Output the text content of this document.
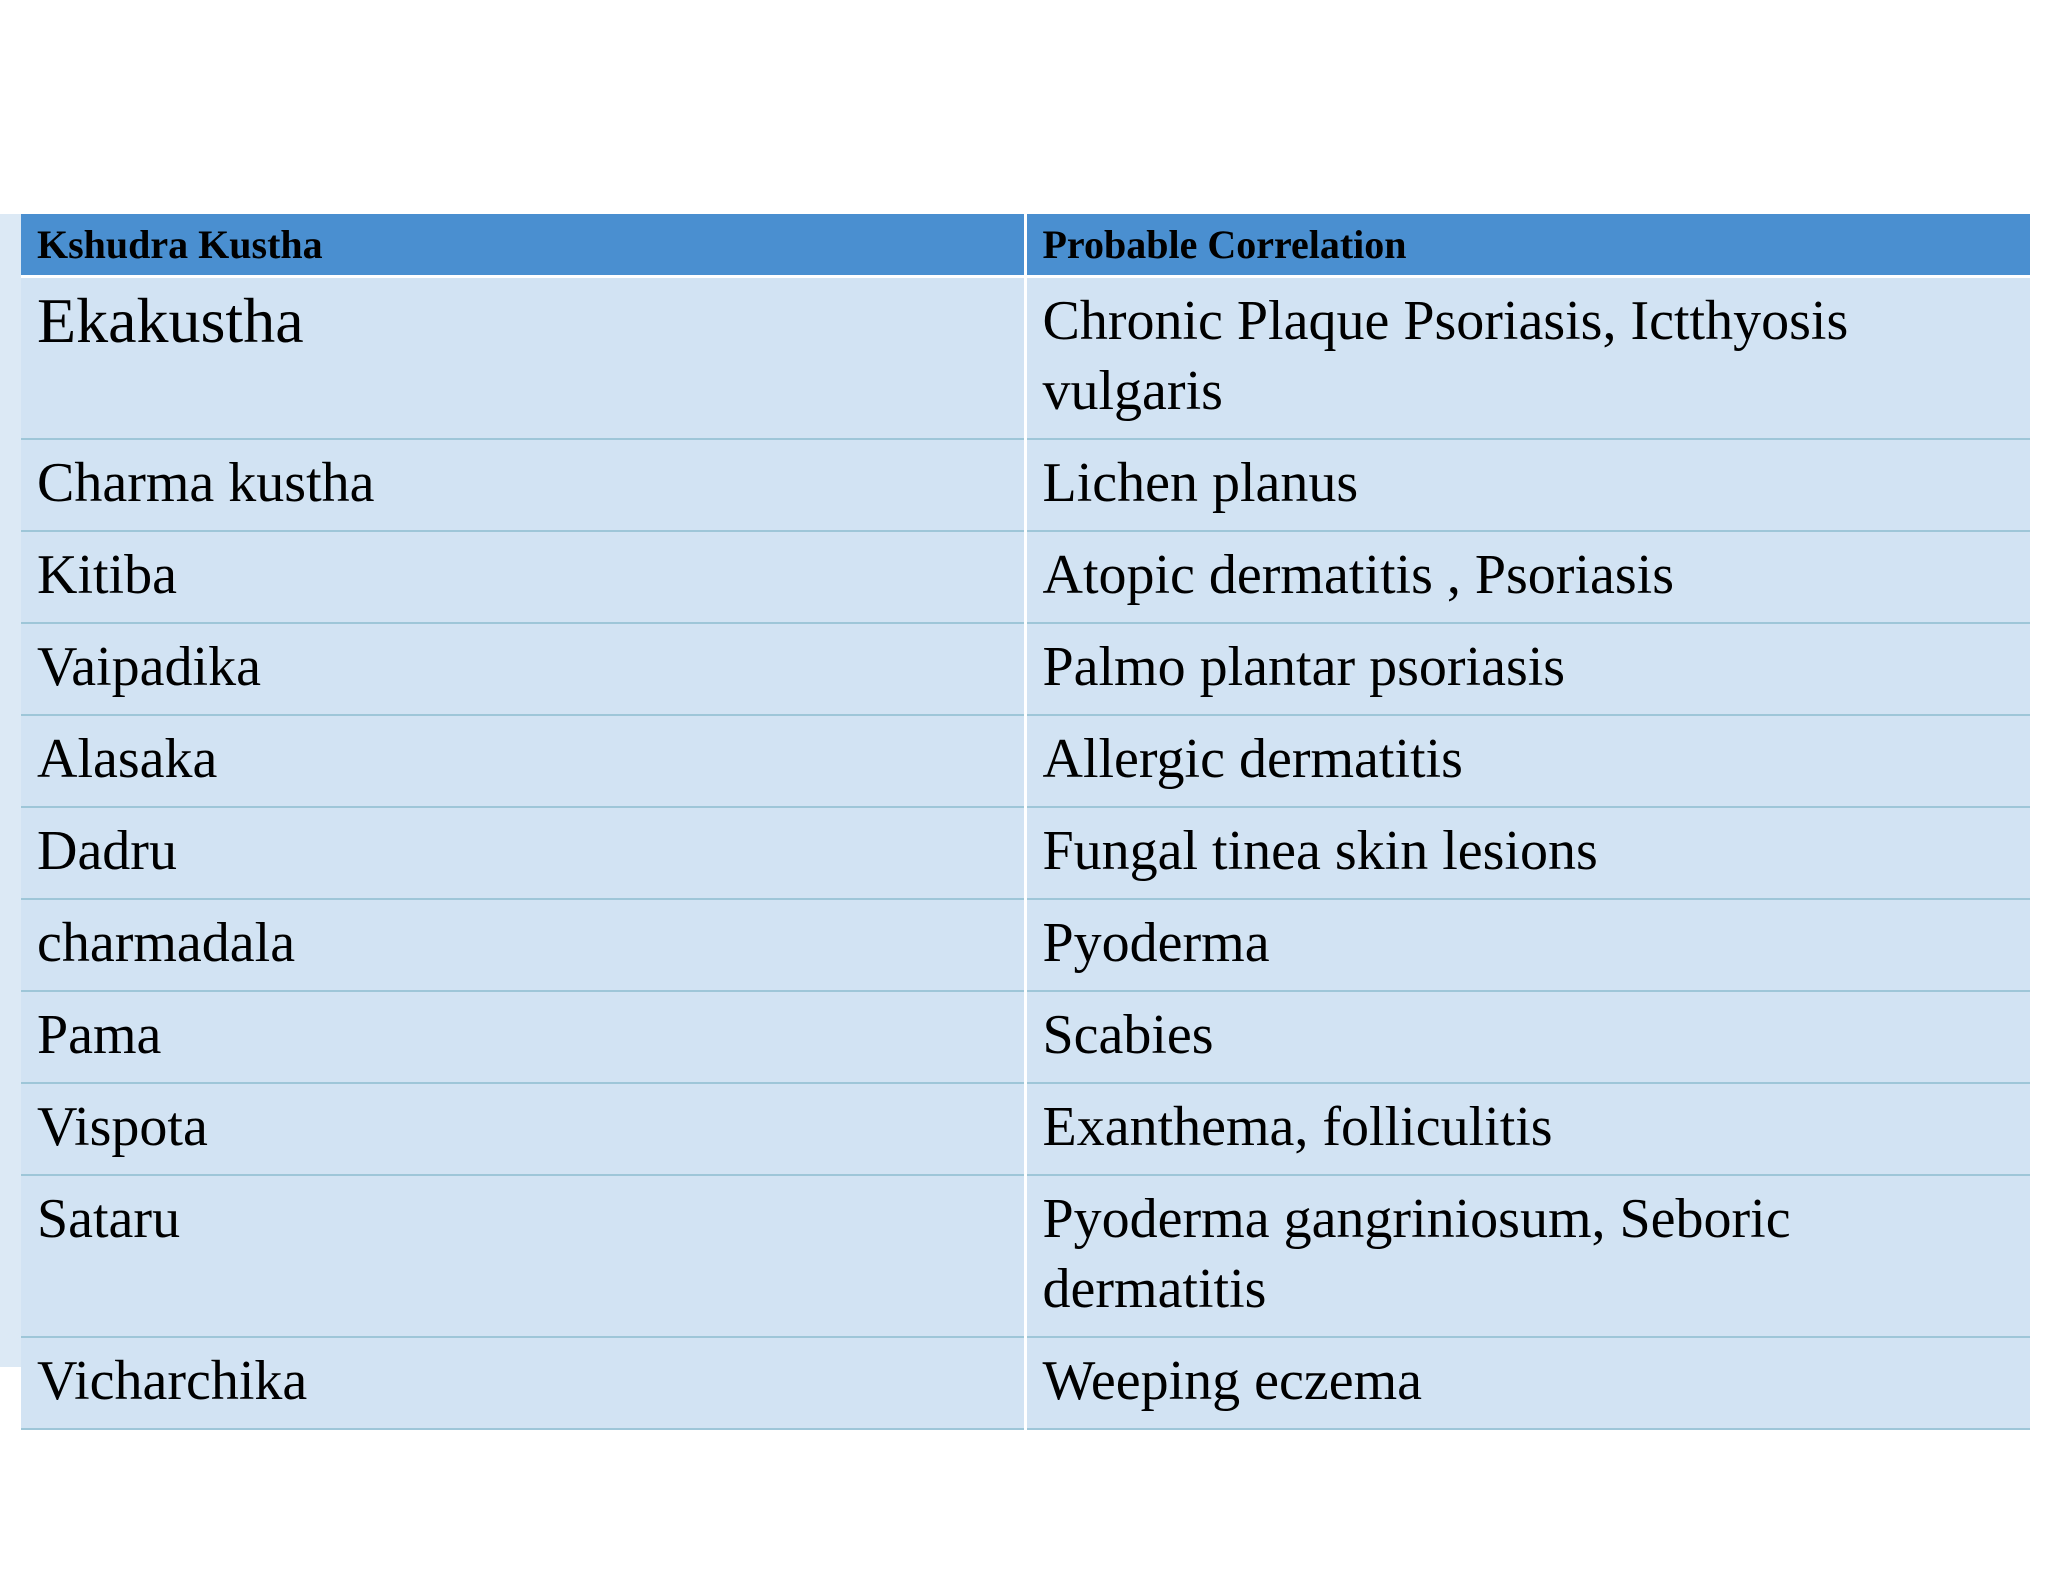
Kshudra Kustha	Probable Correlation
Ekakustha	Chronic Plaque Psoriasis, Ictthyosis vulgaris
Charma kustha	Lichen planus
Kitiba	Atopic dermatitis , Psoriasis
Vaipadika	Palmo plantar psoriasis
Alasaka	Allergic dermatitis
Dadru	Fungal tinea skin lesions
charmadala	Pyoderma
Pama	Scabies
Vispota	Exanthema, folliculitis
Sataru	Pyoderma gangriniosum, Seboric dermatitis
Vicharchika	Weeping eczema
